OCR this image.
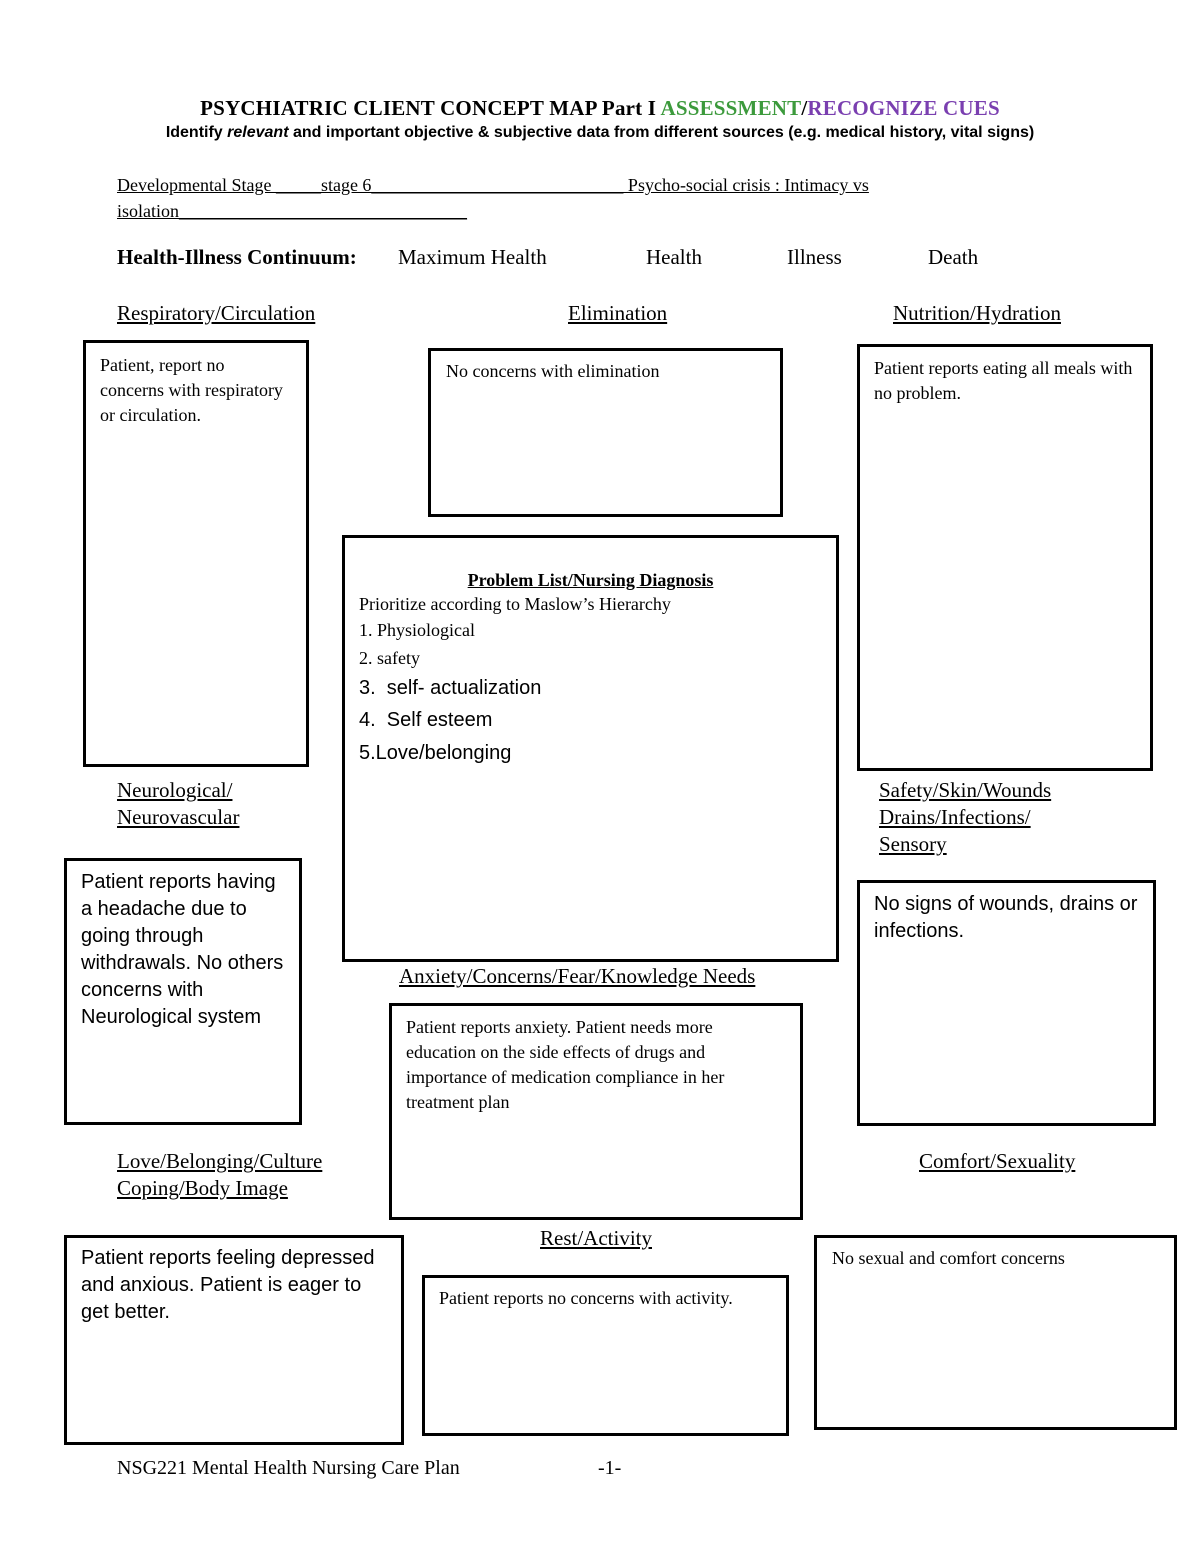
PSYCHIATRIC CLIENT CONCEPT MAP Part I ASSESSMENT/RECOGNIZE CUES
Identify relevant and important objective & subjective data from different sources (e.g. medical history, vital signs)
Developmental Stage _____stage 6____________________________ Psycho-social crisis : Intimacy vs
isolation________________________________
Health-Illness Continuum: Maximum Health	Health	Illness	Death
Respiratory/Circulation	Elimination	Nutrition/Hydration
Patient, report no concerns with respiratory or circulation.
No concerns with elimination	Patient reports eating all meals with no problem.
Problem List/Nursing Diagnosis
Prioritize according to Maslow’s Hierarchy
1. Physiological
2. safety
3.  self- actualization
4.  Self esteem
5.Love/belonging
Neurological/
Neurovascular
Safety/Skin/Wounds
Drains/Infections/
Sensory
Patient reports having a headache due to going through withdrawals. No others concerns with Neurological system
No signs of wounds, drains or infections.
Anxiety/Concerns/Fear/Knowledge Needs
Patient reports anxiety. Patient needs more education on the side effects of drugs and importance of medication compliance in her treatment plan
Love/Belonging/Culture
Coping/Body Image
Comfort/Sexuality
Rest/Activity
Patient reports feeling depressed and anxious. Patient is eager to get better.
No sexual and comfort concerns
Patient reports no concerns with activity.
NSG221 Mental Health Nursing Care Plan	-1-
